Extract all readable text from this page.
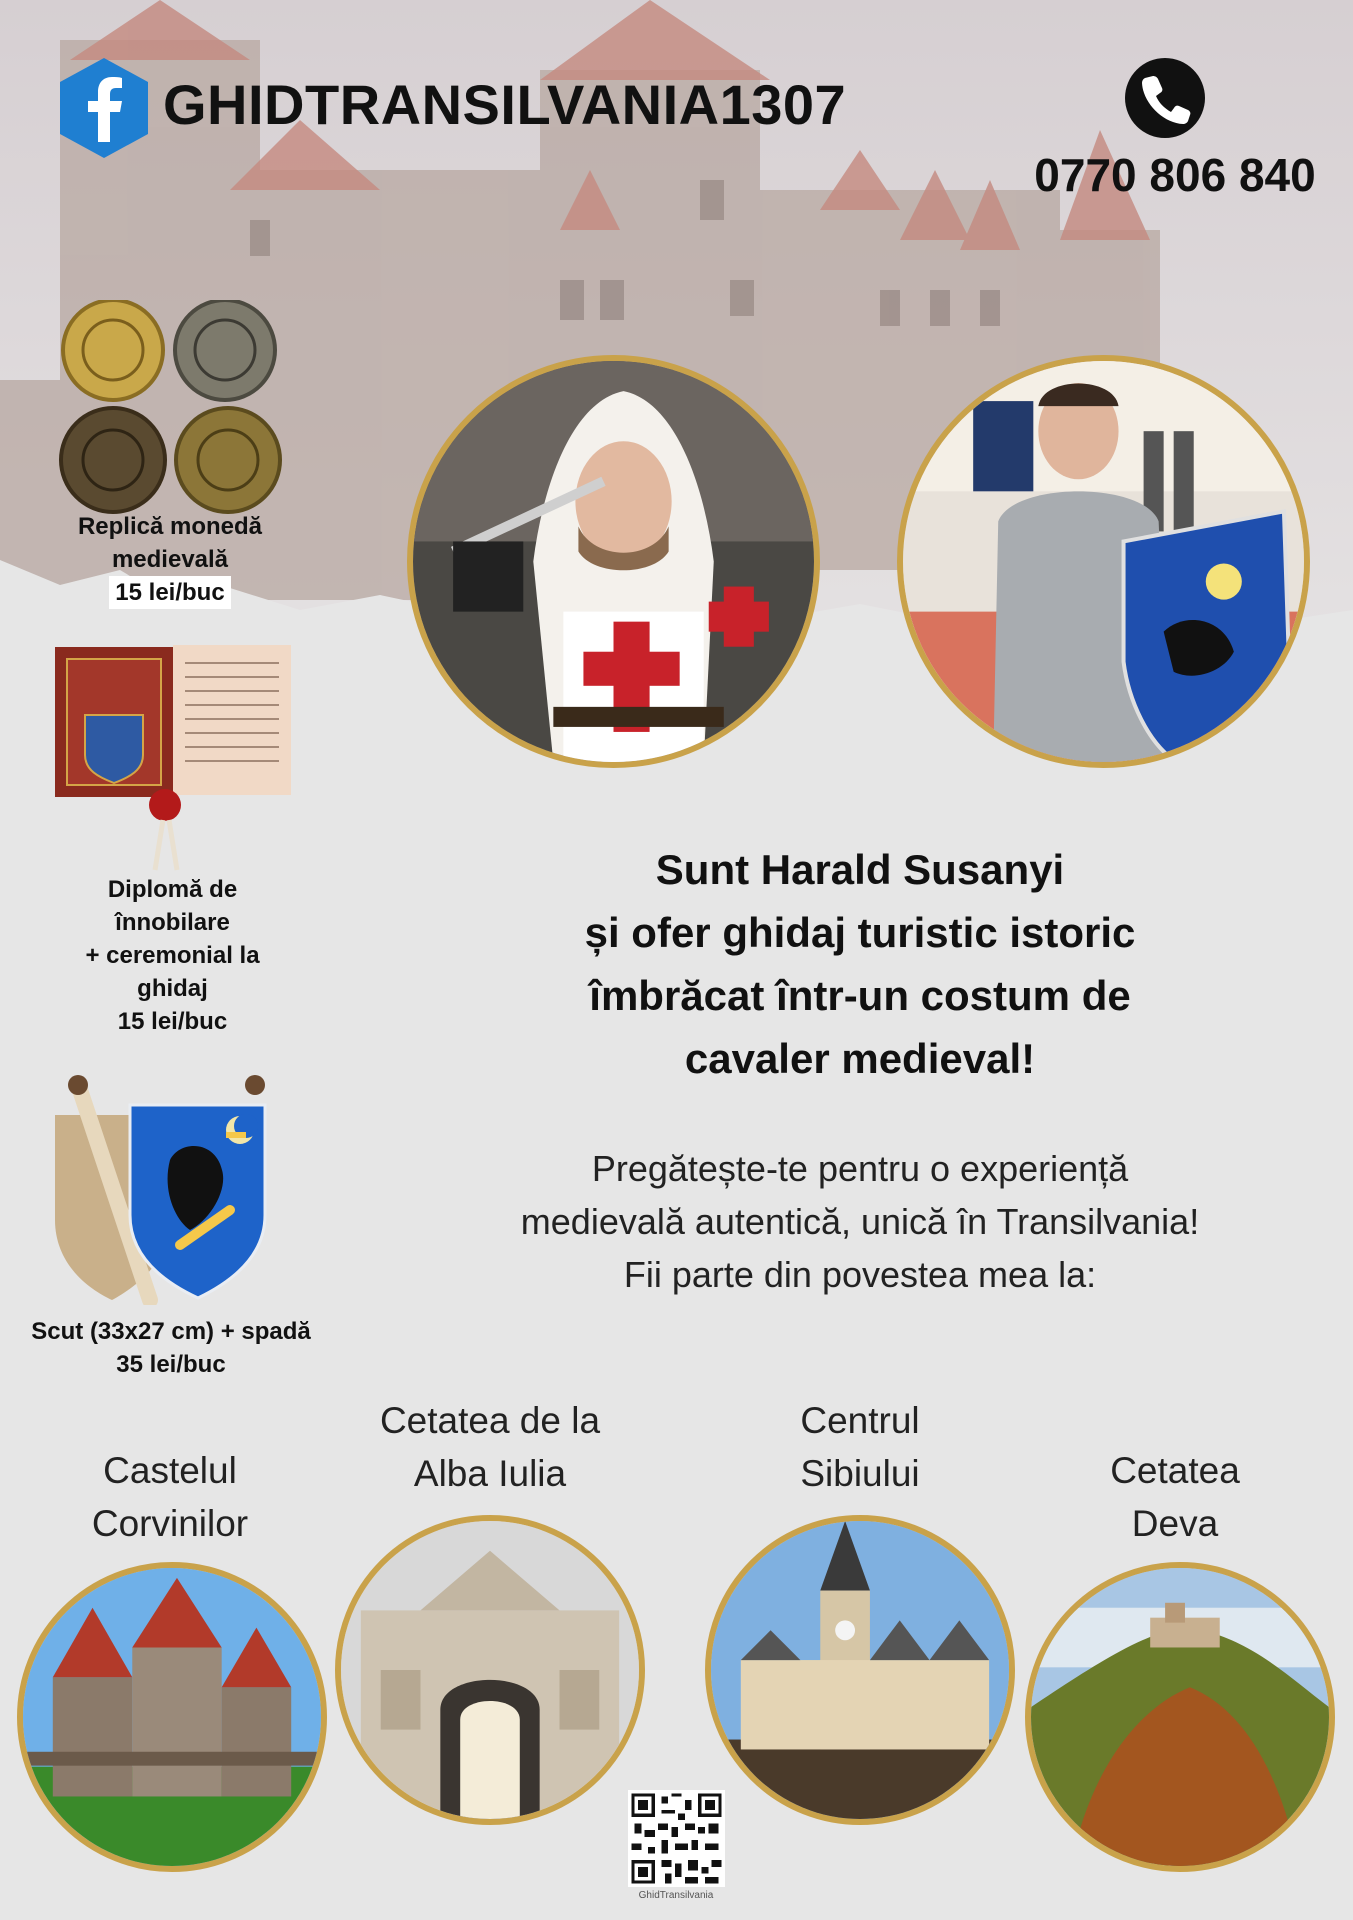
GHIDTRANSILVANIA1307
0770 806 840
Replică monedă
medievală
15 lei/buc
Diplomă de
înnobilare
+ ceremonial la
ghidaj
15 lei/buc
Scut (33x27 cm) + spadă
35 lei/buc
Sunt Harald Susanyi
și ofer ghidaj turistic istoric
îmbrăcat într-un costum de
cavaler medieval!
Pregătește-te pentru o experiență
medievală autentică, unică în Transilvania!
Fii parte din povestea mea la:
Castelul
Corvinilor
Cetatea de la
Alba Iulia
Centrul
Sibiului	Cetatea
Deva
GhidTransilvania
